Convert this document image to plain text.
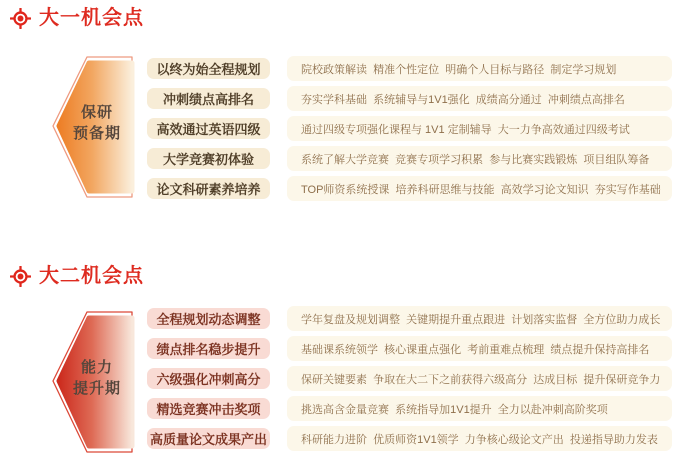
大一机会点
保研
预备期
以终为始全程规划	院校政策解读  精准个性定位  明确个人目标与路径  制定学习规划
冲刺绩点高排名	夯实学科基础  系统辅导与1V1强化  成绩高分通过  冲刺绩点高排名
高效通过英语四级	通过四级专项强化课程与 1V1 定制辅导  大一力争高效通过四级考试
大学竞赛初体验	系统了解大学竞赛  竞赛专项学习积累  参与比赛实践锻炼  项目组队筹备
论文科研素养培养	TOP师资系统授课  培养科研思维与技能  高效学习论文知识  夯实写作基础
大二机会点
能力
提升期
全程规划动态调整	学年复盘及规划调整  关键期提升重点跟进  计划落实监督  全方位助力成长
绩点排名稳步提升	基础课系统领学  核心课重点强化  考前重难点梳理  绩点提升保持高排名
六级强化冲刺高分	保研关键要素  争取在大二下之前获得六级高分  达成目标  提升保研竞争力
精选竞赛冲击奖项	挑选高含金量竞赛  系统指导加1V1提升  全力以赴冲刺高阶奖项
高质量论文成果产出	科研能力进阶  优质师资1V1领学  力争核心级论文产出  投递指导助力发表
